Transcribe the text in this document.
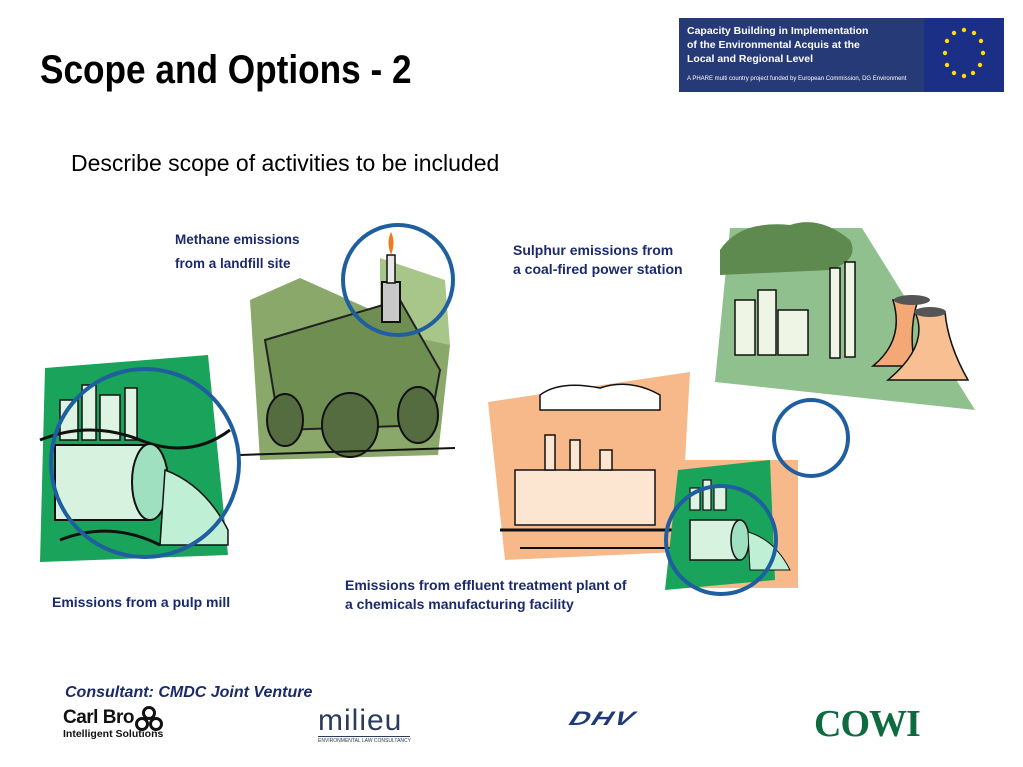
Scope and Options - 2
Capacity Building in Implementation
of the Environmental Acquis at the
Local and Regional Level
A PHARE multi country project funded by European Commission, DG Environment
Describe scope of activities to be included
Methane emissions
from a landfill site
Sulphur emissions from
a coal-fired power station
Emissions from a pulp mill
Emissions from effluent treatment plant of
a chemicals manufacturing facility
Consultant: CMDC Joint Venture
Carl Bro
Intelligent Solutions	milieu
ENVIRONMENTAL LAW CONSULTANCY
DHV	COWI
